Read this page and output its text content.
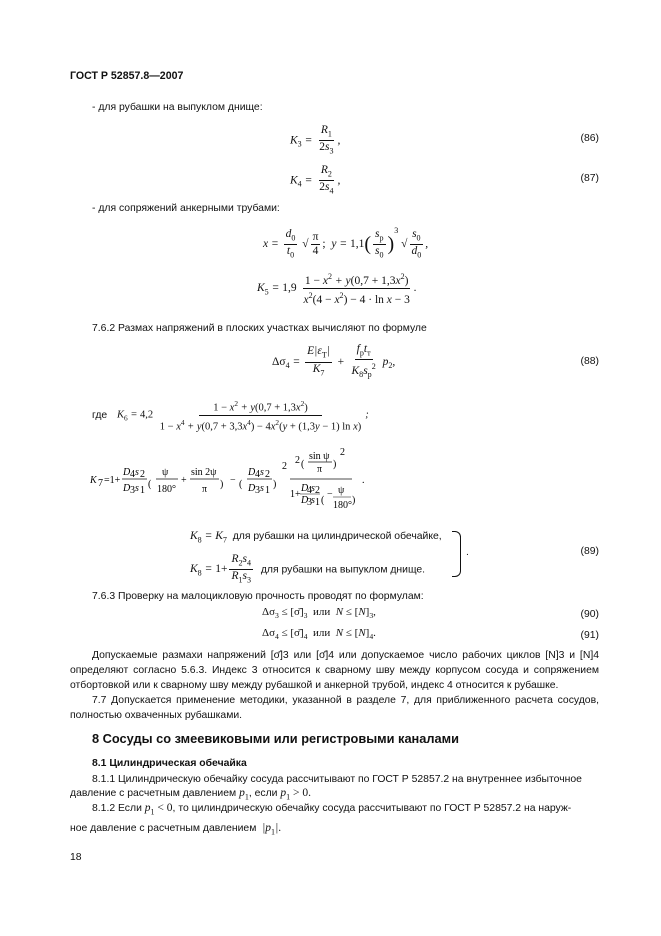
ГОСТ Р 52857.8—2007
- для рубашки на выпуклом днище:
$K_3 = \frac{R_1}{2s_3}$ ,	(86)
$K_4 = \frac{R_2}{2s_4}$ ,	(87)
- для сопряжений анкерными трубами:
$x = \frac{d_0}{t_0}$ √ $\frac{\pi}{4}$ ;  $y = 1,1( \frac{s_p}{s_0} )^3$ √ $\frac{s_0}{d_0}$ ,
$K_5 = 1,9 \frac{1 - x^2 + y(0,7 + 1,3x^2)}{x^2(4 - x^2) - 4 \cdot \ln x - 3}$ .
7.6.2 Размах напряжений в плоских участках вычисляют по формуле
$\Delta\sigma_4 = \frac{E|\varepsilon_T|}{K_7} + \frac{f_pt_т}{K_8s_p^2} p_2$,	(88)
где $K_6 = 4,2 \frac{1 - x^2 + y(0,7 + 1,3x^2)}{1 - x^4 + y(0,7 + 3,3x^4) - 4x^2(y + (1,3y - 1) \ln x)}$ ;
K 7 =1+
D 4 s 2
D 3 s 1
(
ψ
180°
+
sin 2ψ
π ) − (
D 4 s 2
D 3 s 1
)
2
2 (
sin ψ
π )
2
1+
D
4 s 2
D
3 s 1 (
− ψ
180° )
.
$K_8 = K_7$ для рубашки на цилиндрической обечайке,
$K_8 = 1+ \frac{R_2s_4}{R_1s_3}$ для рубашки на выпуклом днище.
.	(89)
7.6.3 Проверку на малоцикловую прочность проводят по формулам:
$\Delta\sigma_3$ ≤ $[\sigmā]_3$ или  $N \le [N]_3$,	(90)
$\Delta\sigma_4$ ≤ $[\sigmā]_4$ или  $N \le [N]_4$.	(91)
Допускаемые размахи напряжений [σ̄]3 или [σ̄]4 или допускаемое число рабочих циклов [N]3 и [N]4 определяют согласно 5.6.3. Индекс 3 относится к сварному шву между корпусом сосуда и сопряжением отбортовкой или к сварному шву между рубашкой и анкерной трубой, индекс 4 относится к рубашке.
7.7 Допускается применение методики, указанной в разделе 7, для приближенного расчета сосудов, полностью охваченных рубашками.
8 Сосуды со змеевиковыми или регистровыми каналами
8.1 Цилиндрическая обечайка
8.1.1 Цилиндрическую обечайку сосуда рассчитывают по ГОСТ Р 52857.2 на внутреннее избыточное
давление с расчетным давлением $p_1$, если $p_1 > 0$.
8.1.2 Если $p_1 < 0$, то цилиндрическую обечайку сосуда рассчитывают по ГОСТ Р 52857.2 на наруж-
ное давление с расчетным давлением  $|p_1|$.
18
